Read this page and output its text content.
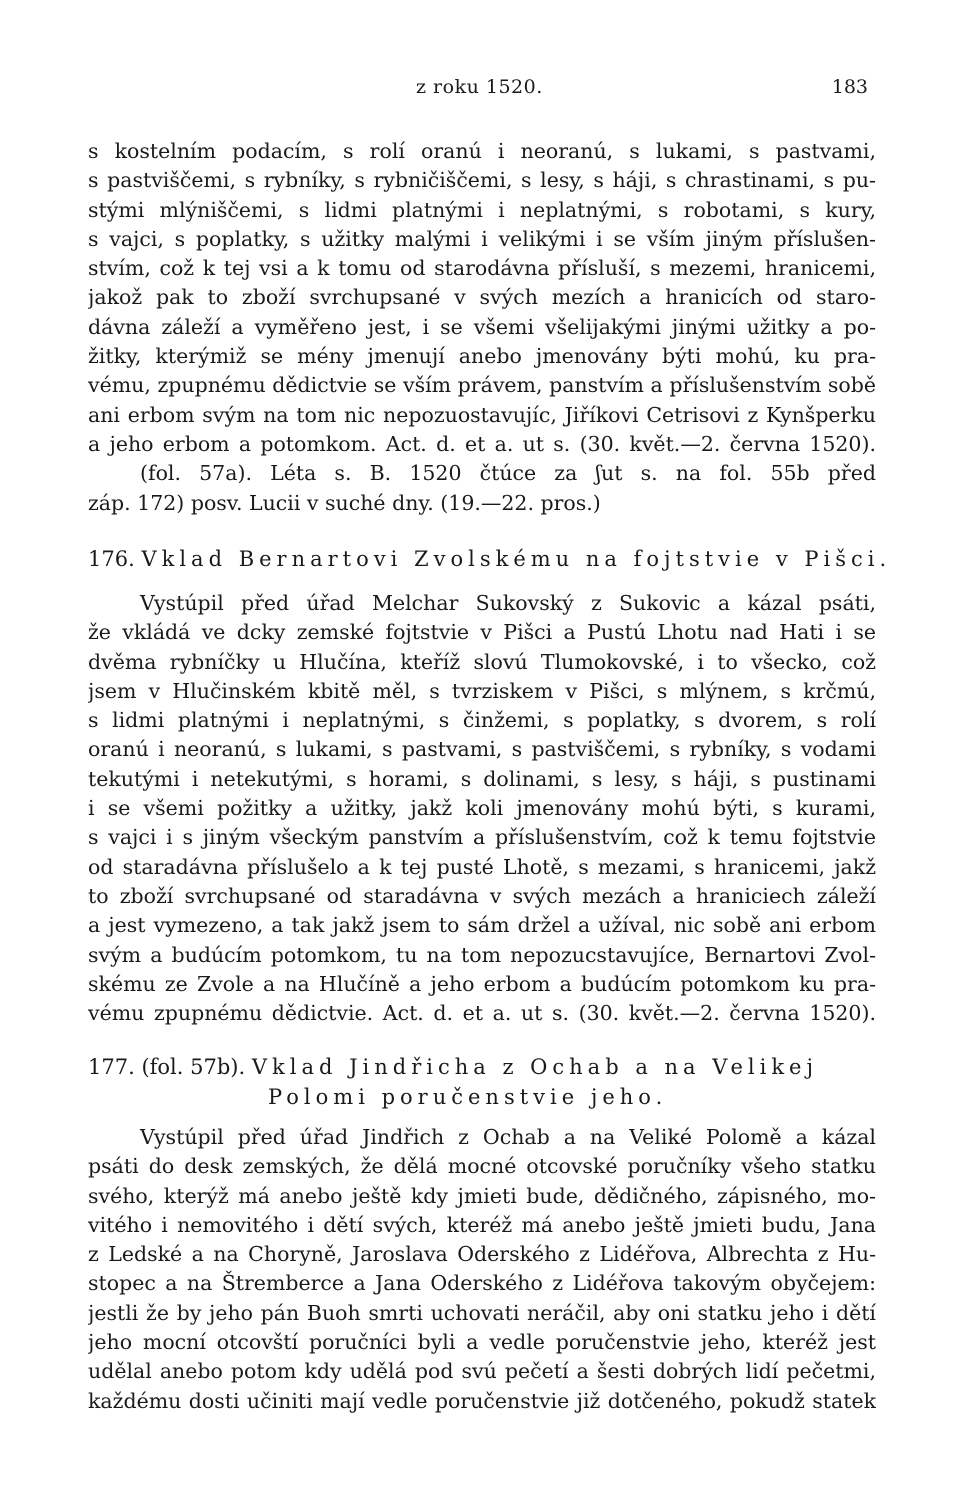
z roku 1520.	183
s kostelním podacím, s rolí oranú i neoranú, s lukami, s pastvami,
s pastviščemi, s rybníky, s rybničiščemi, s lesy, s háji, s chrastinami, s pu-
stými mlýniščemi, s lidmi platnými i neplatnými, s robotami, s kury,
s vajci, s poplatky, s užitky malými i velikými i se vším jiným příslušen-
stvím, což k tej vsi a k tomu od starodávna přísluší, s mezemi, hranicemi,
jakož pak to zboží svrchupsané v svých mezích a hranicích od staro-
dávna záleží a vyměřeno jest, i se všemi všelijakými jinými užitky a po-
žitky, kterýmiž se mény jmenují anebo jmenovány býti mohú, ku pra-
vému, zpupnému dědictvie se vším právem, panstvím a příslušenstvím sobě
ani erbom svým na tom nic nepozuostavujíc, Jiříkovi Cetrisovi z Kynšperku
a jeho erbom a potomkom. Act. d. et a. ut s. (30. květ.—2. června 1520).
(fol. 57a). Léta s. B. 1520 čtúce za ʃut s. na fol. 55b před
záp. 172) posv. Lucii v suché dny. (19.—22. pros.)
176. Vklad Bernartovi Zvolskému na fojtstvie v Pišci.
Vystúpil před úřad Melchar Sukovský z Sukovic a kázal psáti,
že vkládá ve dcky zemské fojtstvie v Pišci a Pustú Lhotu nad Hati i se
dvěma rybníčky u Hlučína, kteříž slovú Tlumokovské, i to všecko, což
jsem v Hlučinském kbitě měl, s tvrziskem v Pišci, s mlýnem, s krčmú,
s lidmi platnými i neplatnými, s činžemi, s poplatky, s dvorem, s rolí
oranú i neoranú, s lukami, s pastvami, s pastviščemi, s rybníky, s vodami
tekutými i netekutými, s horami, s dolinami, s lesy, s háji, s pustinami
i se všemi požitky a užitky, jakž koli jmenovány mohú býti, s kurami,
s vajci i s jiným všeckým panstvím a příslušenstvím, což k temu fojtstvie
od staradávna příslušelo a k tej pusté Lhotě, s mezami, s hranicemi, jakž
to zboží svrchupsané od staradávna v svých mezách a hraniciech záleží
a jest vymezeno, a tak jakž jsem to sám držel a užíval, nic sobě ani erbom
svým a budúcím potomkom, tu na tom nepozucstavujíce, Bernartovi Zvol-
skému ze Zvole a na Hlučíně a jeho erbom a budúcím potomkom ku pra-
vému zpupnému dědictvie. Act. d. et a. ut s. (30. květ.—2. června 1520).
177. (fol. 57b). Vklad Jindřicha z Ochab a na Velikej
Polomi poručenstvie jeho.
Vystúpil před úřad Jindřich z Ochab a na Veliké Polomě a kázal
psáti do desk zemských, že dělá mocné otcovské poručníky všeho statku
svého, kterýž má anebo ještě kdy jmieti bude, dědičného, zápisného, mo-
vitého i nemovitého i dětí svých, kteréž má anebo ještě jmieti budu, Jana
z Ledské a na Choryně, Jaroslava Oderského z Lidéřova, Albrechta z Hu-
stopec a na Štremberce a Jana Oderského z Lidéřova takovým obyčejem:
jestli že by jeho pán Buoh smrti uchovati neráčil, aby oni statku jeho i dětí
jeho mocní otcovští poručníci byli a vedle poručenstvie jeho, kteréž jest
udělal anebo potom kdy udělá pod svú pečetí a šesti dobrých lidí pečetmi,
každému dosti učiniti mají vedle poručenstvie již dotčeného, pokudž statek
